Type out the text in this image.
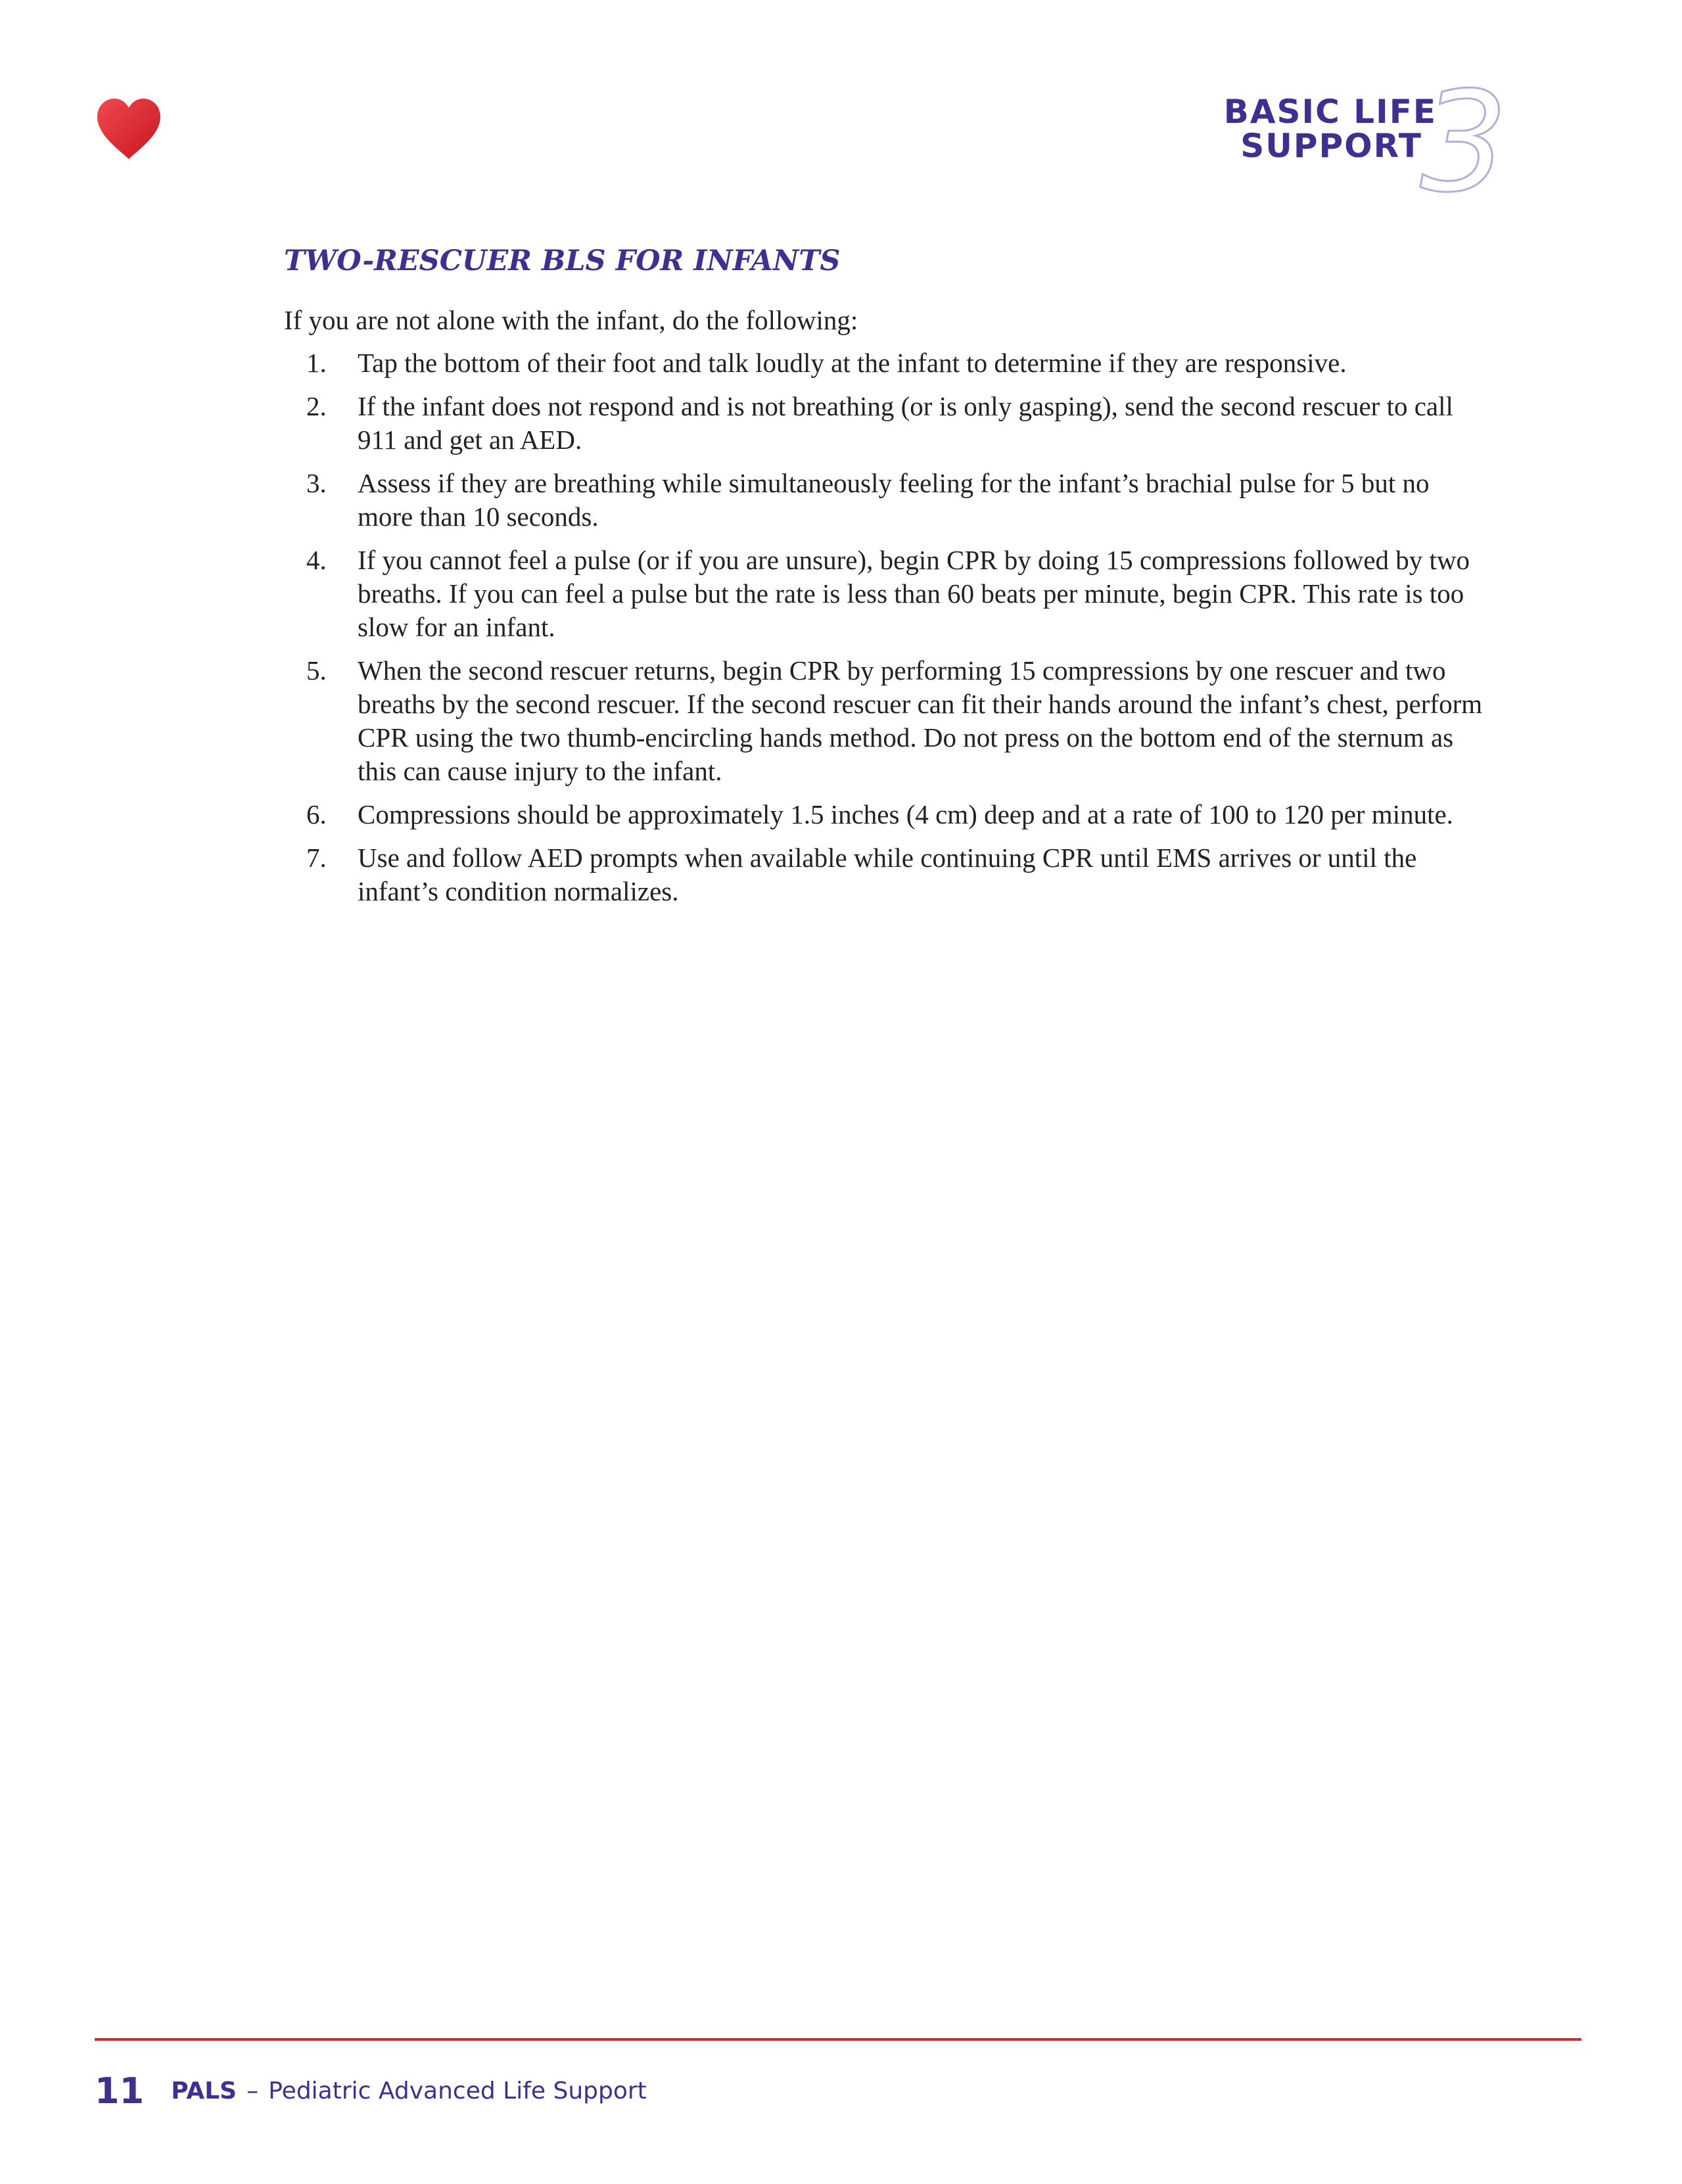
BASIC LIFE
SUPPORT
3
TWO-RESCUER BLS FOR INFANTS

If you are not alone with the infant, do the following:

1. Tap the bottom of their foot and talk loudly at the infant to determine if they are responsive.
2. If the infant does not respond and is not breathing (or is only gasping), send the second rescuer to call 911 and get an AED.
3. Assess if they are breathing while simultaneously feeling for the infant’s brachial pulse for 5 but no more than 10 seconds.
4. If you cannot feel a pulse (or if you are unsure), begin CPR by doing 15 compressions followed by two breaths. If you can feel a pulse but the rate is less than 60 beats per minute, begin CPR. This rate is too slow for an infant.
5. When the second rescuer returns, begin CPR by performing 15 compressions by one rescuer and two breaths by the second rescuer. If the second rescuer can fit their hands around the infant’s chest, perform CPR using the two thumb-encircling hands method. Do not press on the bottom end of the sternum as this can cause injury to the infant.
6. Compressions should be approximately 1.5 inches (4 cm) deep and at a rate of 100 to 120 per minute.
7. Use and follow AED prompts when available while continuing CPR until EMS arrives or until the infant’s condition normalizes.
11 PALS – Pediatric Advanced Life Support
